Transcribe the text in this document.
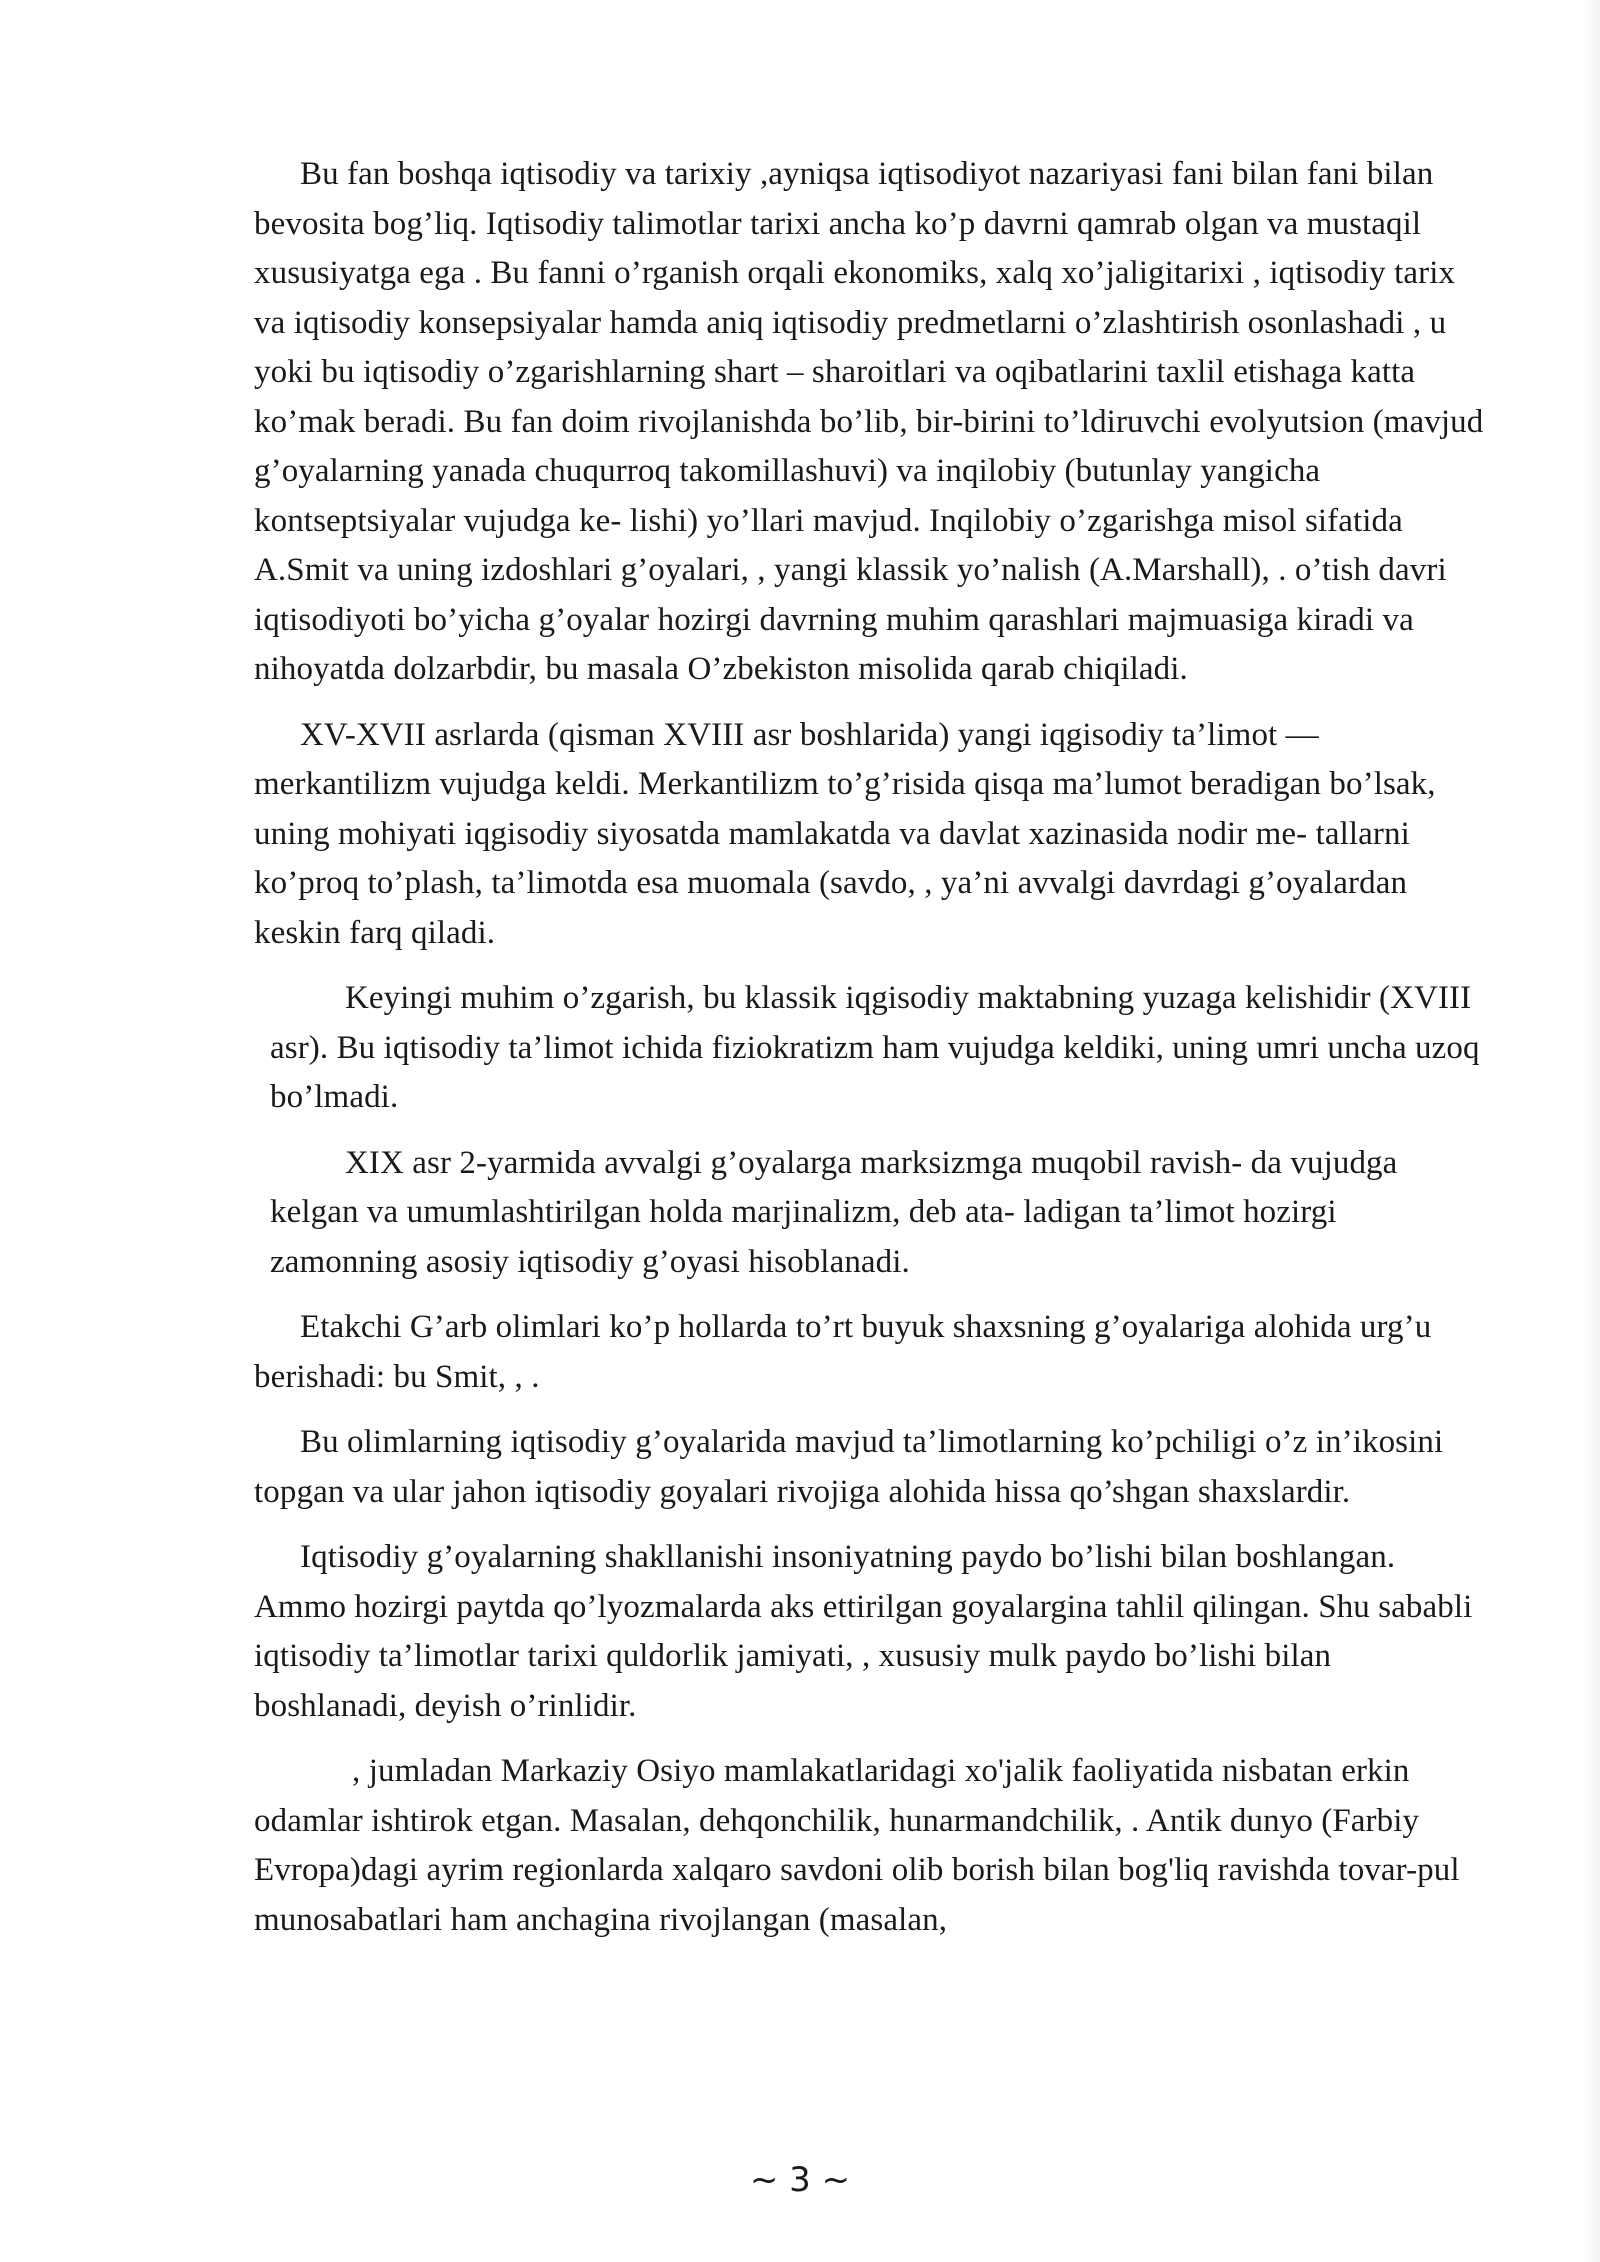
Bu fan boshqa iqtisodiy va tarixiy ,ayniqsa iqtisodiyot nazariyasi fani bilan fani bilan bevosita bog’liq. Iqtisodiy talimotlar tarixi ancha ko’p davrni qamrab olgan va mustaqil xususiyatga ega . Bu fanni o’rganish orqali ekonomiks, xalq xo’jaligitarixi , iqtisodiy tarix va iqtisodiy konsepsiyalar hamda aniq iqtisodiy predmetlarni o’zlashtirish osonlashadi , u yoki bu iqtisodiy o’zgarishlarning shart – sharoitlari va oqibatlarini taxlil etishaga katta ko’mak beradi. Bu fan doim rivojlanishda bo’lib, bir-birini to’ldiruvchi evolyutsion (mavjud g’oyalarning yanada chuqurroq takomillashuvi) va inqilobiy (butunlay yangicha kontseptsiyalar vujudga ke- lishi) yo’llari mavjud. Inqilobiy o’zgarishga misol sifatida A.Smit va uning izdoshlari g’oyalari, , yangi klassik yo’nalish (A.Marshall), . o’tish davri iqtisodiyoti bo’yicha g’oyalar hozirgi davrning muhim qarashlari majmuasiga kiradi va nihoyatda dolzarbdir, bu masala O’zbekiston misolida qarab chiqiladi.

XV-XVII asrlarda (qisman XVIII asr boshlarida) yangi iqgisodiy ta’limot — merkantilizm vujudga keldi. Merkantilizm to’g’risida qisqa ma’lumot beradigan bo’lsak, uning mohiyati iqgisodiy siyosatda mamlakatda va davlat xazinasida nodir me- tallarni ko’proq to’plash, ta’limotda esa muomala (savdo, , ya’ni avvalgi davrdagi g’oyalardan keskin farq qiladi.

Keyingi muhim o’zgarish, bu klassik iqgisodiy maktabning yuzaga kelishidir (XVIII asr). Bu iqtisodiy ta’limot ichida fiziokratizm ham vujudga keldiki, uning umri uncha uzoq bo’lmadi.

XIX asr 2-yarmida avvalgi g’oyalarga marksizmga muqobil ravish- da vujudga kelgan va umumlashtirilgan holda marjinalizm, deb ata- ladigan ta’limot hozirgi zamonning asosiy iqtisodiy g’oyasi hisoblanadi.

Etakchi G’arb olimlari ko’p hollarda to’rt buyuk shaxsning g’oyalariga alohida urg’u berishadi: bu Smit, , .

Bu olimlarning iqtisodiy g’oyalarida mavjud ta’limotlarning ko’pchiligi o’z in’ikosini topgan va ular jahon iqtisodiy goyalari rivojiga alohida hissa qo’shgan shaxslardir.

Iqtisodiy g’oyalarning shakllanishi insoniyatning paydo bo’lishi bilan boshlangan. Ammo hozirgi paytda qo’lyozmalarda aks ettirilgan goyalargina tahlil qilingan. Shu sababli iqtisodiy ta’limotlar tarixi quldorlik jamiyati, , xususiy mulk paydo bo’lishi bilan boshlanadi, deyish o’rinlidir.

, jumladan Markaziy Osiyo mamlakatlaridagi xo'jalik faoliyatida nisbatan erkin odamlar ishtirok etgan. Masalan, dehqonchilik, hunarmandchilik, . Antik dunyo (Farbiy Evropa)dagi ayrim regionlarda xalqaro savdoni olib borish bilan bog'liq ravishda tovar-pul munosabatlari ham anchagina rivojlangan (masalan,

~ 3 ~
